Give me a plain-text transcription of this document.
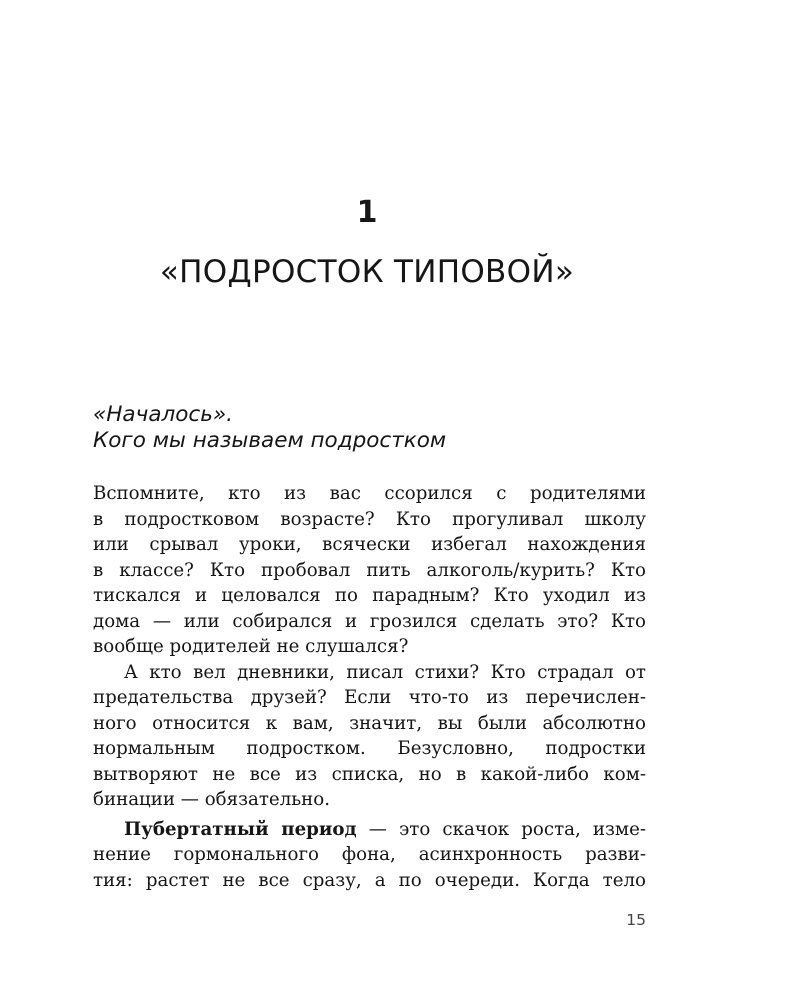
1
«ПОДРОСТОК ТИПОВОЙ»
«Началось».
Кого мы называем подростком
Вспомните, кто из вас ссорился с родителями
в подростковом возрасте? Кто прогуливал школу
или срывал уроки, всячески избегал нахождения
в классе? Кто пробовал пить алкоголь/курить? Кто
тискался и целовался по парадным? Кто уходил из
дома — или собирался и грозился сделать это? Кто
вообще родителей не слушался?
А кто вел дневники, писал стихи? Кто страдал от
предательства друзей? Если что-то из перечислен-
ного относится к вам, значит, вы были абсолютно
нормальным подростком. Безусловно, подростки
вытворяют не все из списка, но в какой-либо ком-
бинации — обязательно.
Пубертатный период — это скачок роста, изме-
нение гормонального фона, асинхронность разви-
тия: растет не все сразу, а по очереди. Когда тело
15
